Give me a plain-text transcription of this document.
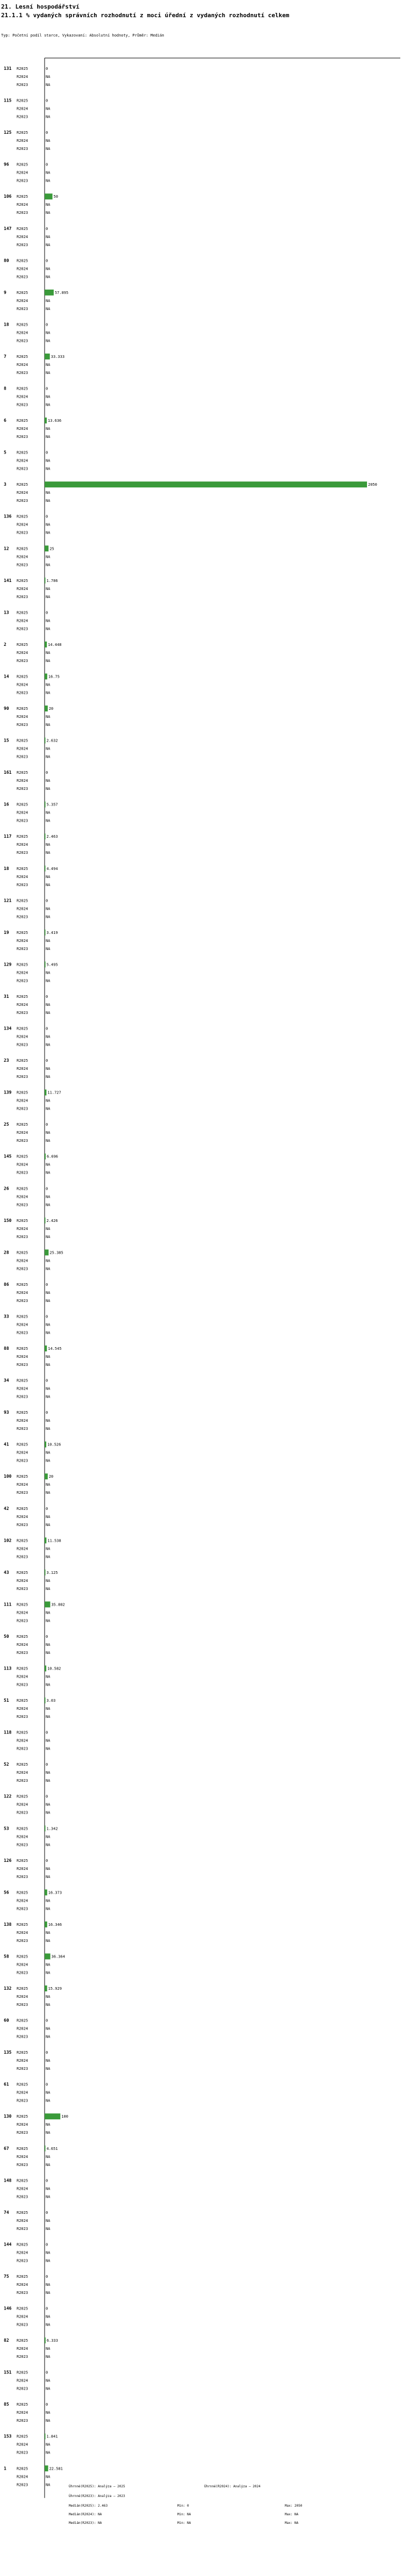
21. Lesní hospodářství
21.1.1 % vydaných správních rozhodnutí z moci úřední z vydaných rozhodnutí celkem
Typ: Početní podíl starce, Vykazovaní: Absolutní hodnoty, Průměr: Medián
131 R2025	0
R2024	NA
R2023	NA
115 R2025	0
R2024	NA
R2023	NA
125 R2025	0
R2024	NA
R2023	NA
96 R2025	0
R2024	NA
R2023	NA
106 R2025	50
R2024	NA
R2023	NA
147 R2025	0
R2024	NA
R2023	NA
80 R2025	0
R2024	NA
R2023	NA
9	R2025	57.895
R2024	NA
R2023	NA
18 R2025	0
R2024	NA
R2023	NA
7	R2025	33.333
R2024	NA
R2023	NA
8	R2025	0
R2024	NA
R2023	NA
6	R2025	13.636
R2024	NA
R2023	NA
5	R2025	0
R2024	NA
R2023	NA
3	R2025	2050
R2024	NA
R2023	NA
136 R2025	0
R2024	NA
R2023	NA
12 R2025	25
R2024	NA
R2023	NA
141 R2025	1.786
R2024	NA
R2023	NA
13 R2025	0
R2024	NA
R2023	NA
2	R2025	14.448
R2024	NA
R2023	NA
14 R2025	16.75
R2024	NA
R2023	NA
90 R2025	20
R2024	NA
R2023	NA
15 R2025	2.632
R2024	NA
R2023	NA
161 R2025	0
R2024	NA
R2023	NA
16 R2025	5.357
R2024	NA
R2023	NA
117 R2025	2.463
R2024	NA
R2023	NA
18 R2025	4.494
R2024	NA
R2023	NA
121 R2025	0
R2024	NA
R2023	NA
19 R2025	3.419
R2024	NA
R2023	NA
129 R2025	5.495
R2024	NA
R2023	NA
31 R2025	0
R2024	NA
R2023	NA
134 R2025	0
R2024	NA
R2023	NA
23 R2025	0
R2024	NA
R2023	NA
139 R2025	11.727
R2024	NA
R2023	NA
25 R2025	0
R2024	NA
R2023	NA
145 R2025	6.696
R2024	NA
R2023	NA
26 R2025	0
R2024	NA
R2023	NA
150 R2025	2.426
R2024	NA
R2023	NA
28 R2025	25.385
R2024	NA
R2023	NA
86 R2025	0
R2024	NA
R2023	NA
33 R2025	0
R2024	NA
R2023	NA
88 R2025	14.545
R2024	NA
R2023	NA
34 R2025	0
R2024	NA
R2023	NA
93 R2025	0
R2024	NA
R2023	NA
41 R2025	10.526
R2024	NA
R2023	NA
100 R2025	20
R2024	NA
R2023	NA
42 R2025	0
R2024	NA
R2023	NA
102 R2025	11.538
R2024	NA
R2023	NA
43 R2025	3.125
R2024	NA
R2023	NA
111 R2025	35.802
R2024	NA
R2023	NA
50 R2025	0
R2024	NA
R2023	NA
113 R2025	10.582
R2024	NA
R2023	NA
51 R2025	3.03
R2024	NA
R2023	NA
118 R2025	0
R2024	NA
R2023	NA
52 R2025	0
R2024	NA
R2023	NA
122 R2025	0
R2024	NA
R2023	NA
53 R2025	1.342
R2024	NA
R2023	NA
126 R2025	0
R2024	NA
R2023	NA
56 R2025	16.373
R2024	NA
R2023	NA
138 R2025	16.346
R2024	NA
R2023	NA
58 R2025	36.364
R2024	NA
R2023	NA
132 R2025	15.929
R2024	NA
R2023	NA
60 R2025	0
R2024	NA
R2023	NA
135 R2025	0
R2024	NA
R2023	NA
61 R2025	0
R2024	NA
R2023	NA
130 R2025	100
R2024	NA
R2023	NA
67 R2025	4.651
R2024	NA
R2023	NA
148 R2025	0
R2024	NA
R2023	NA
74 R2025	0
R2024	NA
R2023	NA
144 R2025	0
R2024	NA
R2023	NA
75 R2025	0
R2024	NA
R2023	NA
146 R2025	0
R2024	NA
R2023	NA
82 R2025	6.333
R2024	NA
R2023	NA
151 R2025	0
R2024	NA
R2023	NA
85 R2025	0
R2024	NA
R2023	NA
153 R2025	1.841
R2024	NA
R2023	NA
1	R2025	22.581
R2024	NA
R2023	NA	Úhrnné(R2025): Analýza – 2025	Úhrnné(R2024): Analýza – 2024
Úhrnné(R2023): Analýza – 2023
Medián(R2025): 2.463	Min: 0	Max: 2050
Medián(R2024): NA	Min: NA	Max: NA
Medián(R2023): NA	Min: NA	Max: NA
